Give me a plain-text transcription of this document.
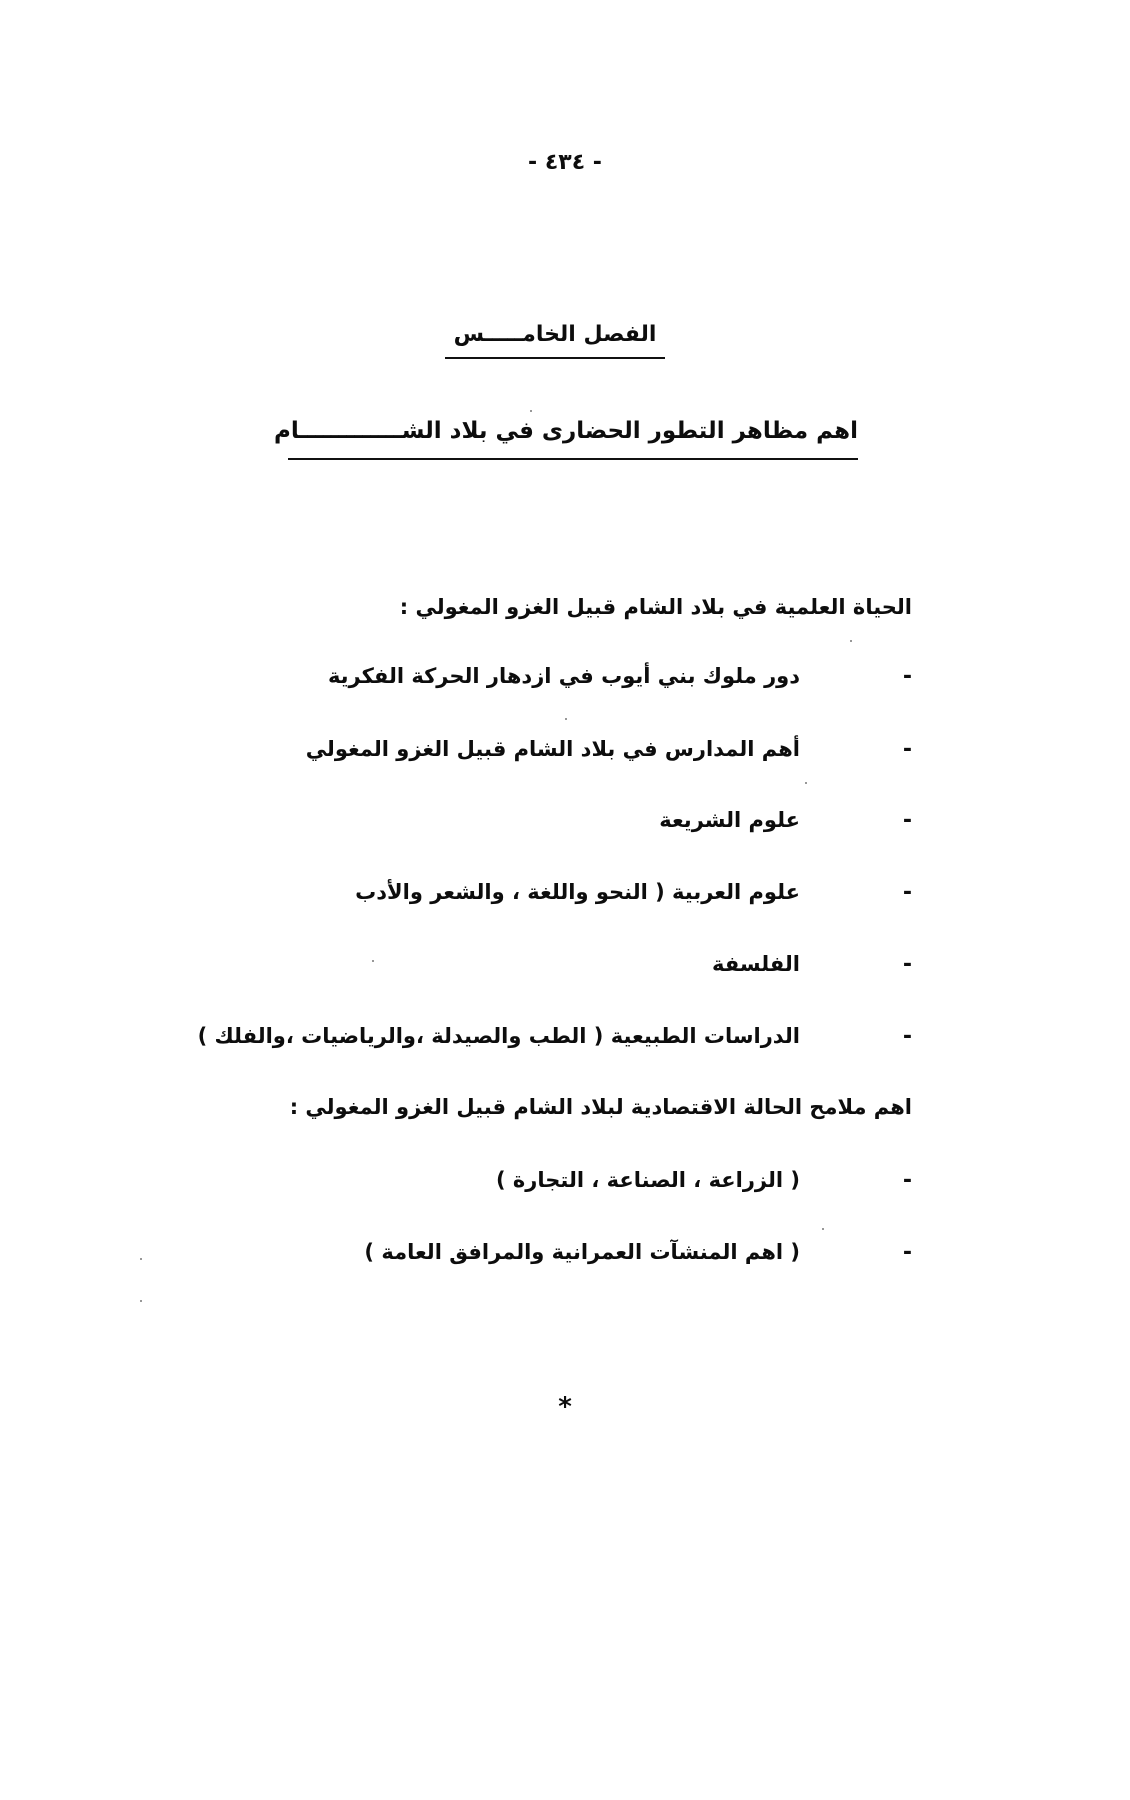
- ٤٣٤ -
الفصل الخامـــــس
اهم مظاهر التطور الحضارى في بلاد الشـــــــــــــام
الحياة العلمية في بلاد الشام قبيل الغزو المغولي :
-
دور ملوك بني أيوب في ازدهار الحركة الفكرية
-
أهم المدارس في بلاد الشام قبيل الغزو المغولي
-
علوم الشريعة
-
علوم العربية ( النحو واللغة ، والشعر والأدب
-
الفلسفة
-
الدراسات الطبيعية ( الطب والصيدلة ،والرياضيات ،والفلك )
اهم ملامح الحالة الاقتصادية لبلاد الشام قبيل الغزو المغولي :
-
( الزراعة ، الصناعة ، التجارة )
-
( اهم المنشآت العمرانية والمرافق العامة )
*
